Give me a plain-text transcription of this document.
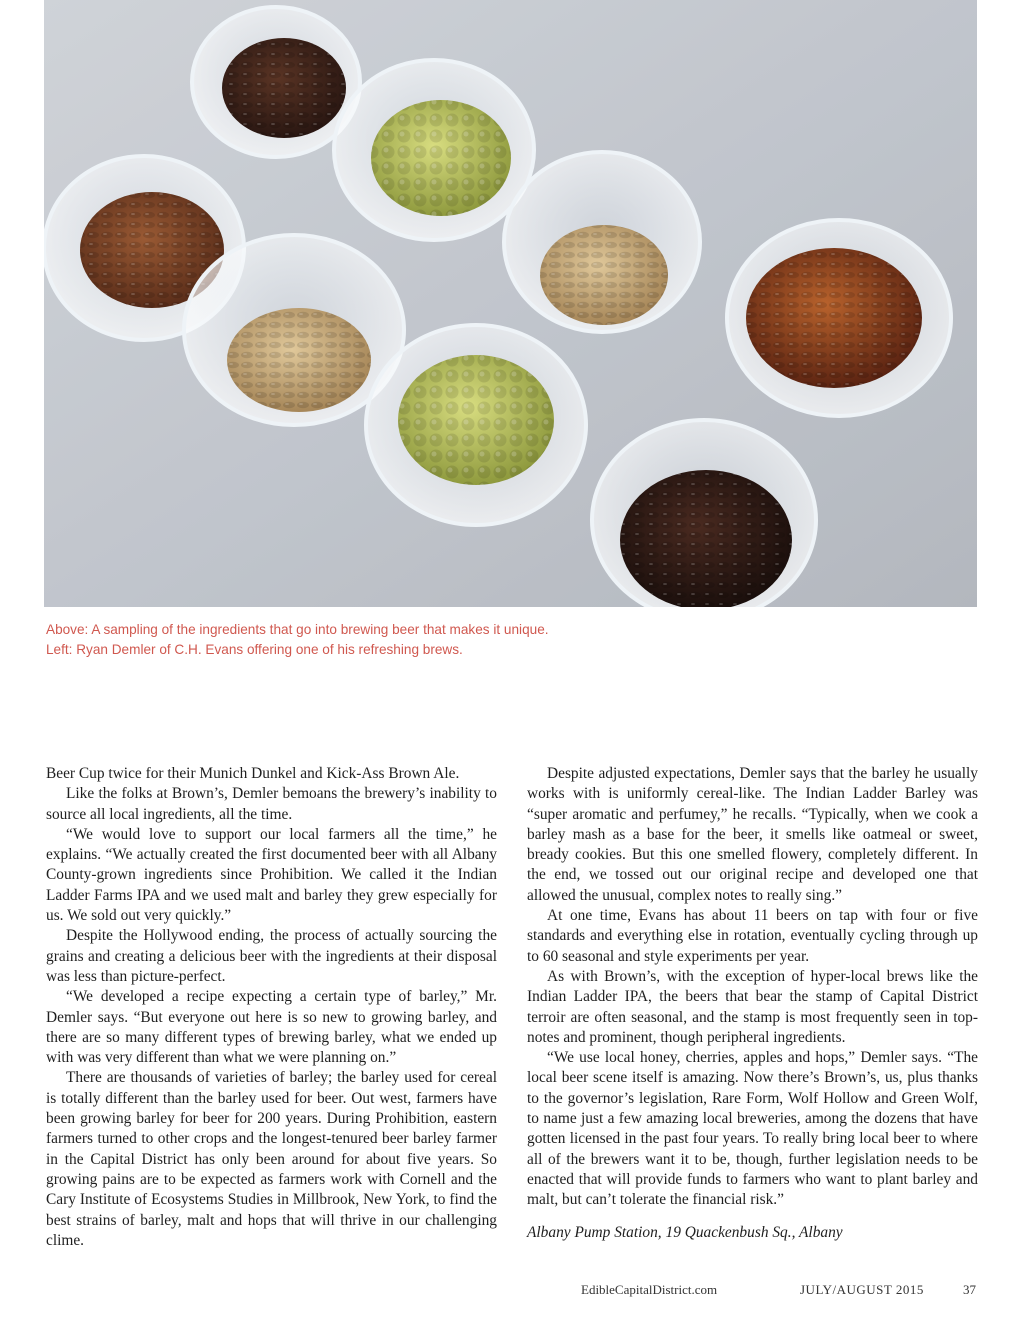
Above: A sampling of the ingredients that go into brewing beer that makes it unique.

Left: Ryan Demler of C.H. Evans offering one of his refreshing brews.

Beer Cup twice for their Munich Dunkel and Kick-Ass Brown Ale.

Like the folks at Brown’s, Demler bemoans the brewery’s inability to source all local ingredients, all the time.

“We would love to support our local farmers all the time,” he explains. “We actually created the first documented beer with all Albany County-grown ingredients since Prohibition. We called it the Indian Ladder Farms IPA and we used malt and barley they grew especially for us. We sold out very quickly.”

Despite the Hollywood ending, the process of actually sourcing the grains and creating a delicious beer with the ingredients at their disposal was less than picture-perfect.

“We developed a recipe expecting a certain type of barley,” Mr. Demler says. “But everyone out here is so new to growing barley, and there are so many different types of brewing barley, what we ended up with was very different than what we were planning on.”

There are thousands of varieties of barley; the barley used for cereal is totally different than the barley used for beer. Out west, farmers have been growing barley for beer for 200 years. During Prohibition, eastern farmers turned to other crops and the longest-tenured beer barley farmer in the Capital District has only been around for about five years. So growing pains are to be expected as farmers work with Cornell and the Cary Institute of Ecosystems Studies in Millbrook, New York, to find the best strains of barley, malt and hops that will thrive in our challenging clime.

Despite adjusted expectations, Demler says that the barley he usually works with is uniformly cereal-like. The Indian Ladder Barley was “super aromatic and perfumey,” he recalls. “Typically, when we cook a barley mash as a base for the beer, it smells like oatmeal or sweet, bready cookies. But this one smelled flowery, completely different. In the end, we tossed out our original recipe and developed one that allowed the unusual, complex notes to really sing.”

At one time, Evans has about 11 beers on tap with four or five standards and everything else in rotation, eventually cycling through up to 60 seasonal and style experiments per year.

As with Brown’s, with the exception of hyper-local brews like the Indian Ladder IPA, the beers that bear the stamp of Capital District terroir are often seasonal, and the stamp is most frequently seen in top-notes and prominent, though peripheral ingredients.

“We use local honey, cherries, apples and hops,” Demler says. “The local beer scene itself is amazing. Now there’s Brown’s, us, plus thanks to the governor’s legislation, Rare Form, Wolf Hollow and Green Wolf, to name just a few amazing local breweries, among the dozens that have gotten licensed in the past four years. To really bring local beer to where all of the brewers want it to be, though, further legislation needs to be enacted that will provide funds to farmers who want to plant barley and malt, but can’t tolerate the financial risk.”

Albany Pump Station, 19 Quackenbush Sq., Albany

EdibleCapitalDistrict.com	JULY/AUGUST 2015	37
